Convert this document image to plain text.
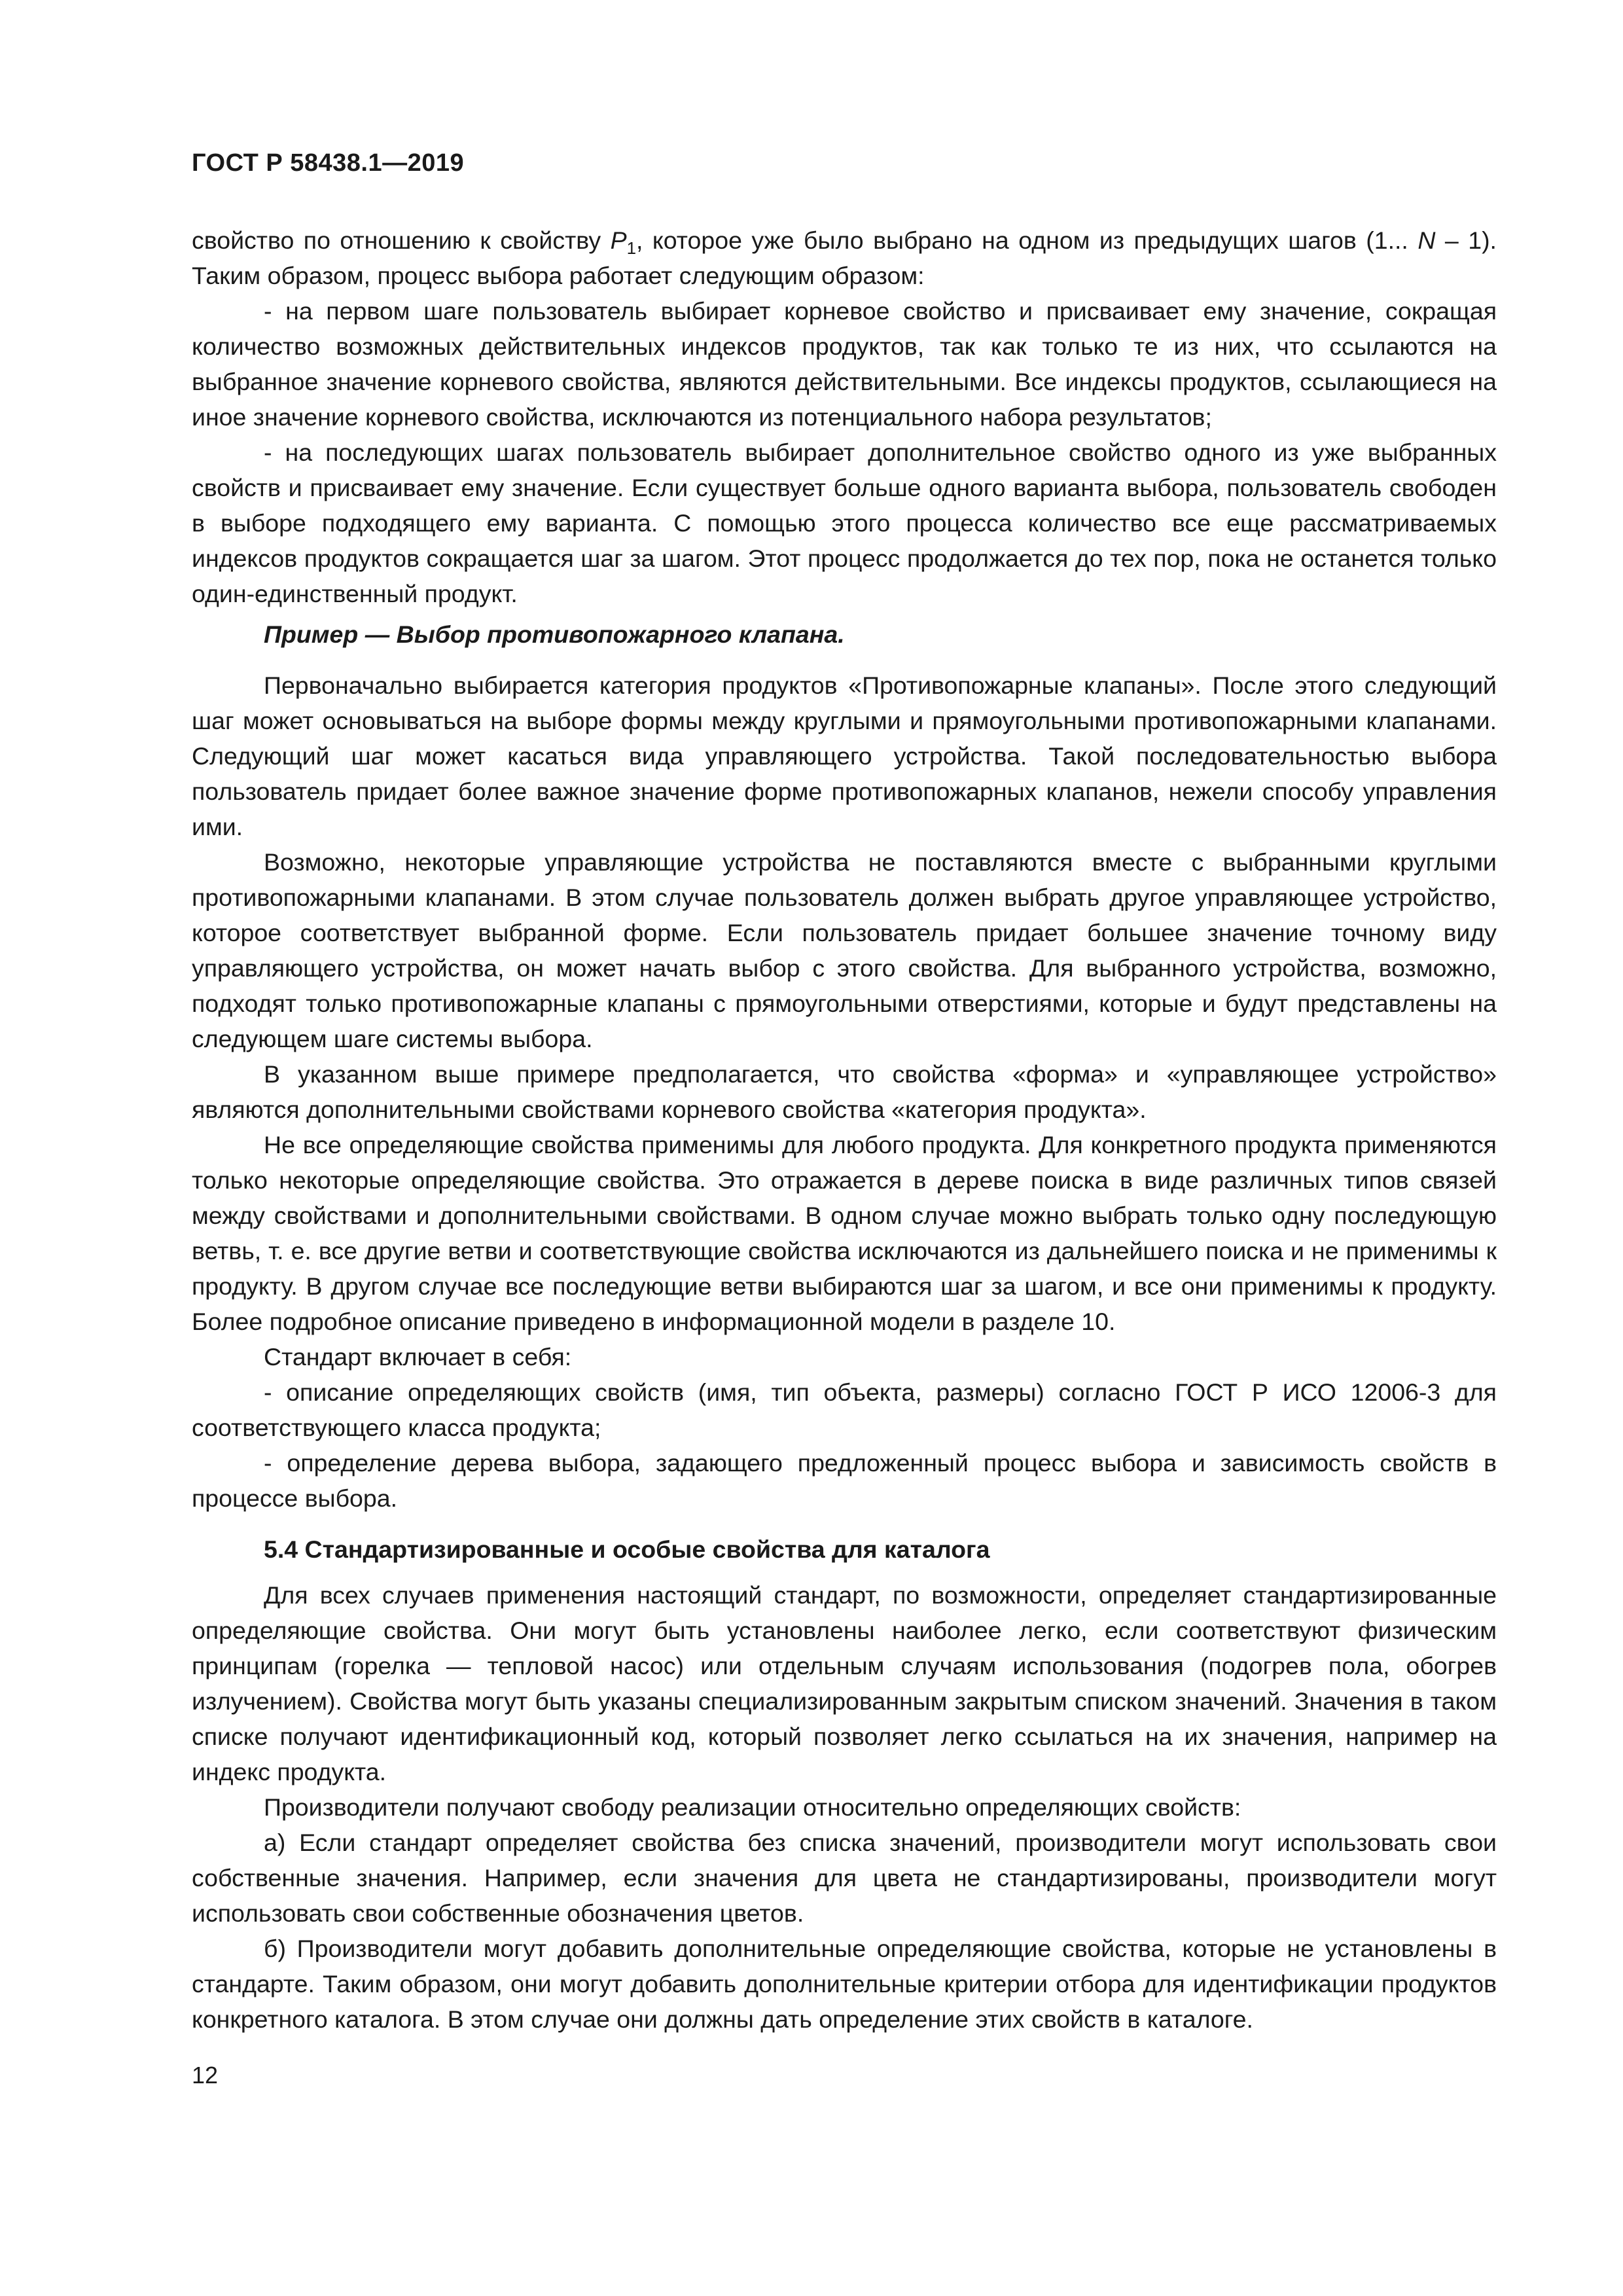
ГОСТ Р 58438.1—2019

свойство по отношению к свойству $P_1$, которое уже было выбрано на одном из предыдущих шагов (1... N – 1). Таким образом, процесс выбора работает следующим образом:

- на первом шаге пользователь выбирает корневое свойство и присваивает ему значение, сокращая количество возможных действительных индексов продуктов, так как только те из них, что ссылаются на выбранное значение корневого свойства, являются действительными. Все индексы продуктов, ссылающиеся на иное значение корневого свойства, исключаются из потенциального набора результатов;

- на последующих шагах пользователь выбирает дополнительное свойство одного из уже выбранных свойств и присваивает ему значение. Если существует больше одного варианта выбора, пользователь свободен в выборе подходящего ему варианта. С помощью этого процесса количество все еще рассматриваемых индексов продуктов сокращается шаг за шагом. Этот процесс продолжается до тех пор, пока не останется только один-единственный продукт.

Пример — Выбор противопожарного клапана.

Первоначально выбирается категория продуктов «Противопожарные клапаны». После этого следующий шаг может основываться на выборе формы между круглыми и прямоугольными противопожарными клапанами. Следующий шаг может касаться вида управляющего устройства. Такой последовательностью выбора пользователь придает более важное значение форме противопожарных клапанов, нежели способу управления ими.

Возможно, некоторые управляющие устройства не поставляются вместе с выбранными круглыми противопожарными клапанами. В этом случае пользователь должен выбрать другое управляющее устройство, которое соответствует выбранной форме. Если пользователь придает большее значение точному виду управляющего устройства, он может начать выбор с этого свойства. Для выбранного устройства, возможно, подходят только противопожарные клапаны с прямоугольными отверстиями, которые и будут представлены на следующем шаге системы выбора.

В указанном выше примере предполагается, что свойства «форма» и «управляющее устройство» являются дополнительными свойствами корневого свойства «категория продукта».

Не все определяющие свойства применимы для любого продукта. Для конкретного продукта применяются только некоторые определяющие свойства. Это отражается в дереве поиска в виде различных типов связей между свойствами и дополнительными свойствами. В одном случае можно выбрать только одну последующую ветвь, т. е. все другие ветви и соответствующие свойства исключаются из дальнейшего поиска и не применимы к продукту. В другом случае все последующие ветви выбираются шаг за шагом, и все они применимы к продукту. Более подробное описание приведено в информационной модели в разделе 10.

Стандарт включает в себя:

- описание определяющих свойств (имя, тип объекта, размеры) согласно ГОСТ Р ИСО 12006-3 для соответствующего класса продукта;

- определение дерева выбора, задающего предложенный процесс выбора и зависимость свойств в процессе выбора.

5.4 Стандартизированные и особые свойства для каталога

Для всех случаев применения настоящий стандарт, по возможности, определяет стандартизированные определяющие свойства. Они могут быть установлены наиболее легко, если соответствуют физическим принципам (горелка — тепловой насос) или отдельным случаям использования (подогрев пола, обогрев излучением). Свойства могут быть указаны специализированным закрытым списком значений. Значения в таком списке получают идентификационный код, который позволяет легко ссылаться на их значения, например на индекс продукта.

Производители получают свободу реализации относительно определяющих свойств:

а) Если стандарт определяет свойства без списка значений, производители могут использовать свои собственные значения. Например, если значения для цвета не стандартизированы, производители могут использовать свои собственные обозначения цветов.

б) Производители могут добавить дополнительные определяющие свойства, которые не установлены в стандарте. Таким образом, они могут добавить дополнительные критерии отбора для идентификации продуктов конкретного каталога. В этом случае они должны дать определение этих свойств в каталоге.

12
